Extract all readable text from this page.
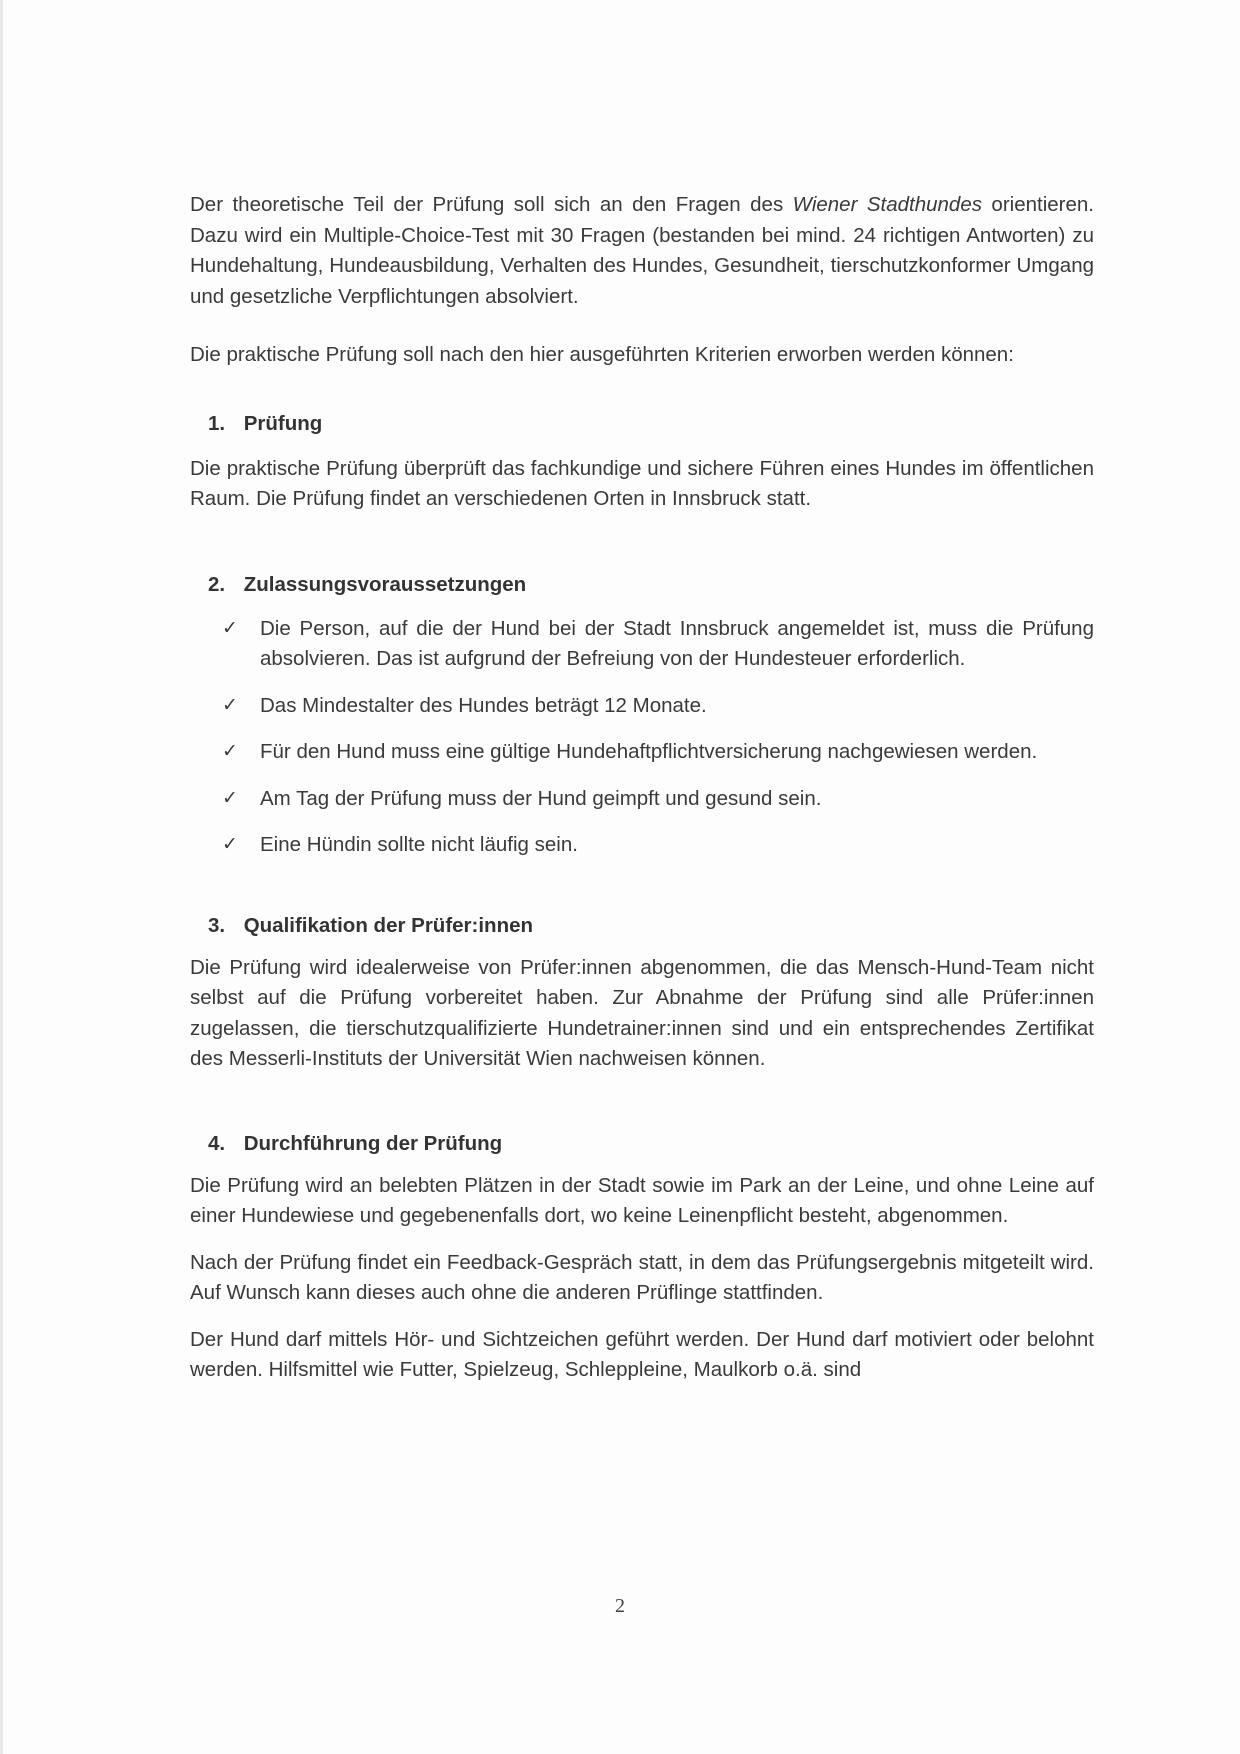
Der theoretische Teil der Prüfung soll sich an den Fragen des Wiener Stadthundes orientieren. Dazu wird ein Multiple-Choice-Test mit 30 Fragen (bestanden bei mind. 24 richtigen Antworten) zu Hundehaltung, Hundeausbildung, Verhalten des Hundes, Gesundheit, tierschutzkonformer Umgang und gesetzliche Verpflichtungen absolviert.

Die praktische Prüfung soll nach den hier ausgeführten Kriterien erworben werden können:

1. Prüfung

Die praktische Prüfung überprüft das fachkundige und sichere Führen eines Hundes im öffentlichen Raum. Die Prüfung findet an verschiedenen Orten in Innsbruck statt.

2. Zulassungsvoraussetzungen
✓ Die Person, auf die der Hund bei der Stadt Innsbruck angemeldet ist, muss die Prüfung absolvieren. Das ist aufgrund der Befreiung von der Hundesteuer erforderlich.
✓ Das Mindestalter des Hundes beträgt 12 Monate.
✓ Für den Hund muss eine gültige Hundehaftpflichtversicherung nachgewiesen werden.
✓ Am Tag der Prüfung muss der Hund geimpft und gesund sein.
✓ Eine Hündin sollte nicht läufig sein.
3. Qualifikation der Prüfer:innen

Die Prüfung wird idealerweise von Prüfer:innen abgenommen, die das Mensch-Hund-Team nicht selbst auf die Prüfung vorbereitet haben. Zur Abnahme der Prüfung sind alle Prüfer:innen zugelassen, die tierschutzqualifizierte Hundetrainer:innen sind und ein entsprechendes Zertifikat des Messerli-Instituts der Universität Wien nachweisen können.

4. Durchführung der Prüfung

Die Prüfung wird an belebten Plätzen in der Stadt sowie im Park an der Leine, und ohne Leine auf einer Hundewiese und gegebenenfalls dort, wo keine Leinenpflicht besteht, abgenommen.

Nach der Prüfung findet ein Feedback-Gespräch statt, in dem das Prüfungsergebnis mitgeteilt wird. Auf Wunsch kann dieses auch ohne die anderen Prüflinge stattfinden.

Der Hund darf mittels Hör- und Sichtzeichen geführt werden. Der Hund darf motiviert oder belohnt werden. Hilfsmittel wie Futter, Spielzeug, Schleppleine, Maulkorb o.ä. sind

2
